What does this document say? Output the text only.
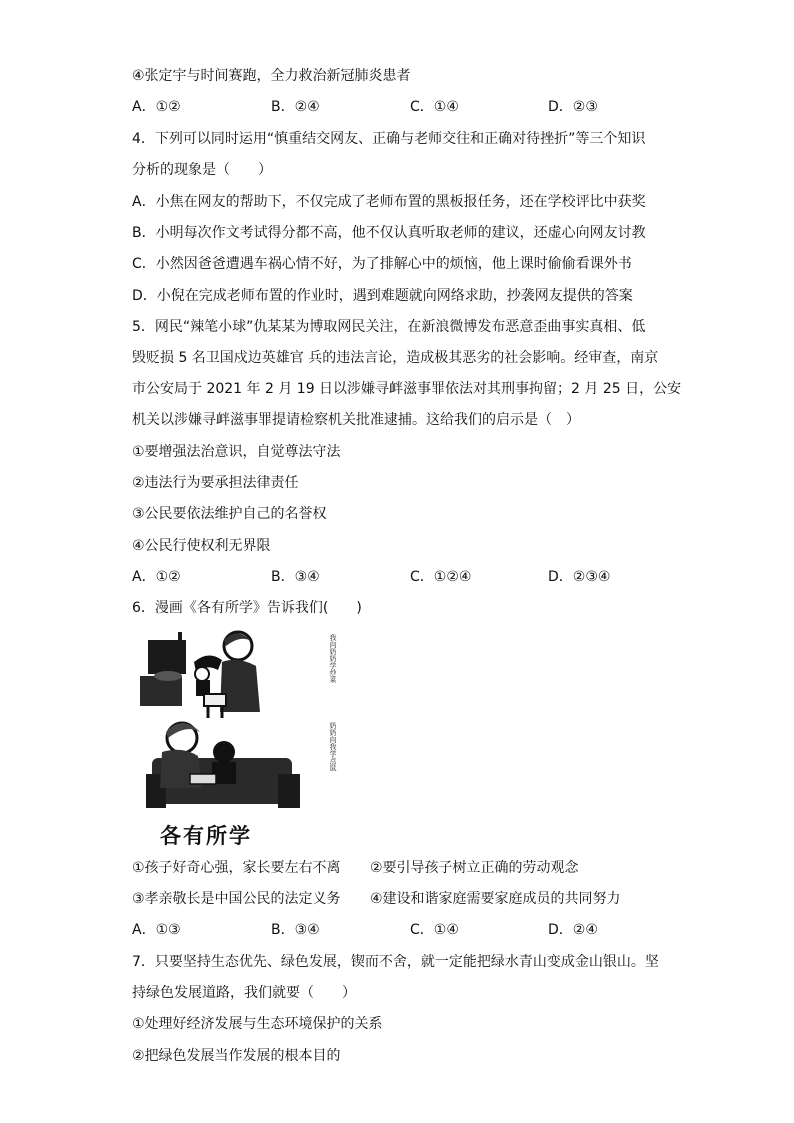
④张定宇与时间赛跑，全力救治新冠肺炎患者
A．①②	B．②④	C．①④	D．②③
4．下列可以同时运用“慎重结交网友、正确与老师交往和正确对待挫折”等三个知识
分析的现象是（　　）
A．小焦在网友的帮助下，不仅完成了老师布置的黑板报任务，还在学校评比中获奖
B．小明每次作文考试得分都不高，他不仅认真听取老师的建议，还虚心向网友讨教
C．小然因爸爸遭遇车祸心情不好，为了排解心中的烦恼，他上课时偷偷看课外书
D．小倪在完成老师布置的作业时，遇到难题就向网络求助，抄袭网友提供的答案
5．网民“辣笔小球”仇某某为博取网民关注，在新浪微博发布恶意歪曲事实真相、低
毁贬损 5 名卫国戍边英雄官 兵的违法言论，造成极其恶劣的社会影响。经审查，南京
市公安局于 2021 年 2 月 19 日以涉嫌寻衅滋事罪依法对其刑事拘留；2 月 25 日，公安
机关以涉嫌寻衅滋事罪提请检察机关批准逮捕。这给我们的启示是（　）
①要增强法治意识，自觉尊法守法
②违法行为要承担法律责任
③公民要依法维护自己的名誉权
④公民行使权利无界限
A．①②	B．③④	C．①②④	D．②③④
6．漫画《各有所学》告诉我们(　　)
我向奶奶学炒菜
奶奶向我学点鼠
各有所学
①孩子好奇心强，家长要左右不离 ②要引导孩子树立正确的劳动观念
③孝亲敬长是中国公民的法定义务 ④建设和谐家庭需要家庭成员的共同努力
A．①③	B．③④	C．①④	D．②④
7．只要坚持生态优先、绿色发展，锲而不舍，就一定能把绿水青山变成金山银山。坚
持绿色发展道路，我们就要（　　）
①处理好经济发展与生态环境保护的关系
②把绿色发展当作发展的根本目的
